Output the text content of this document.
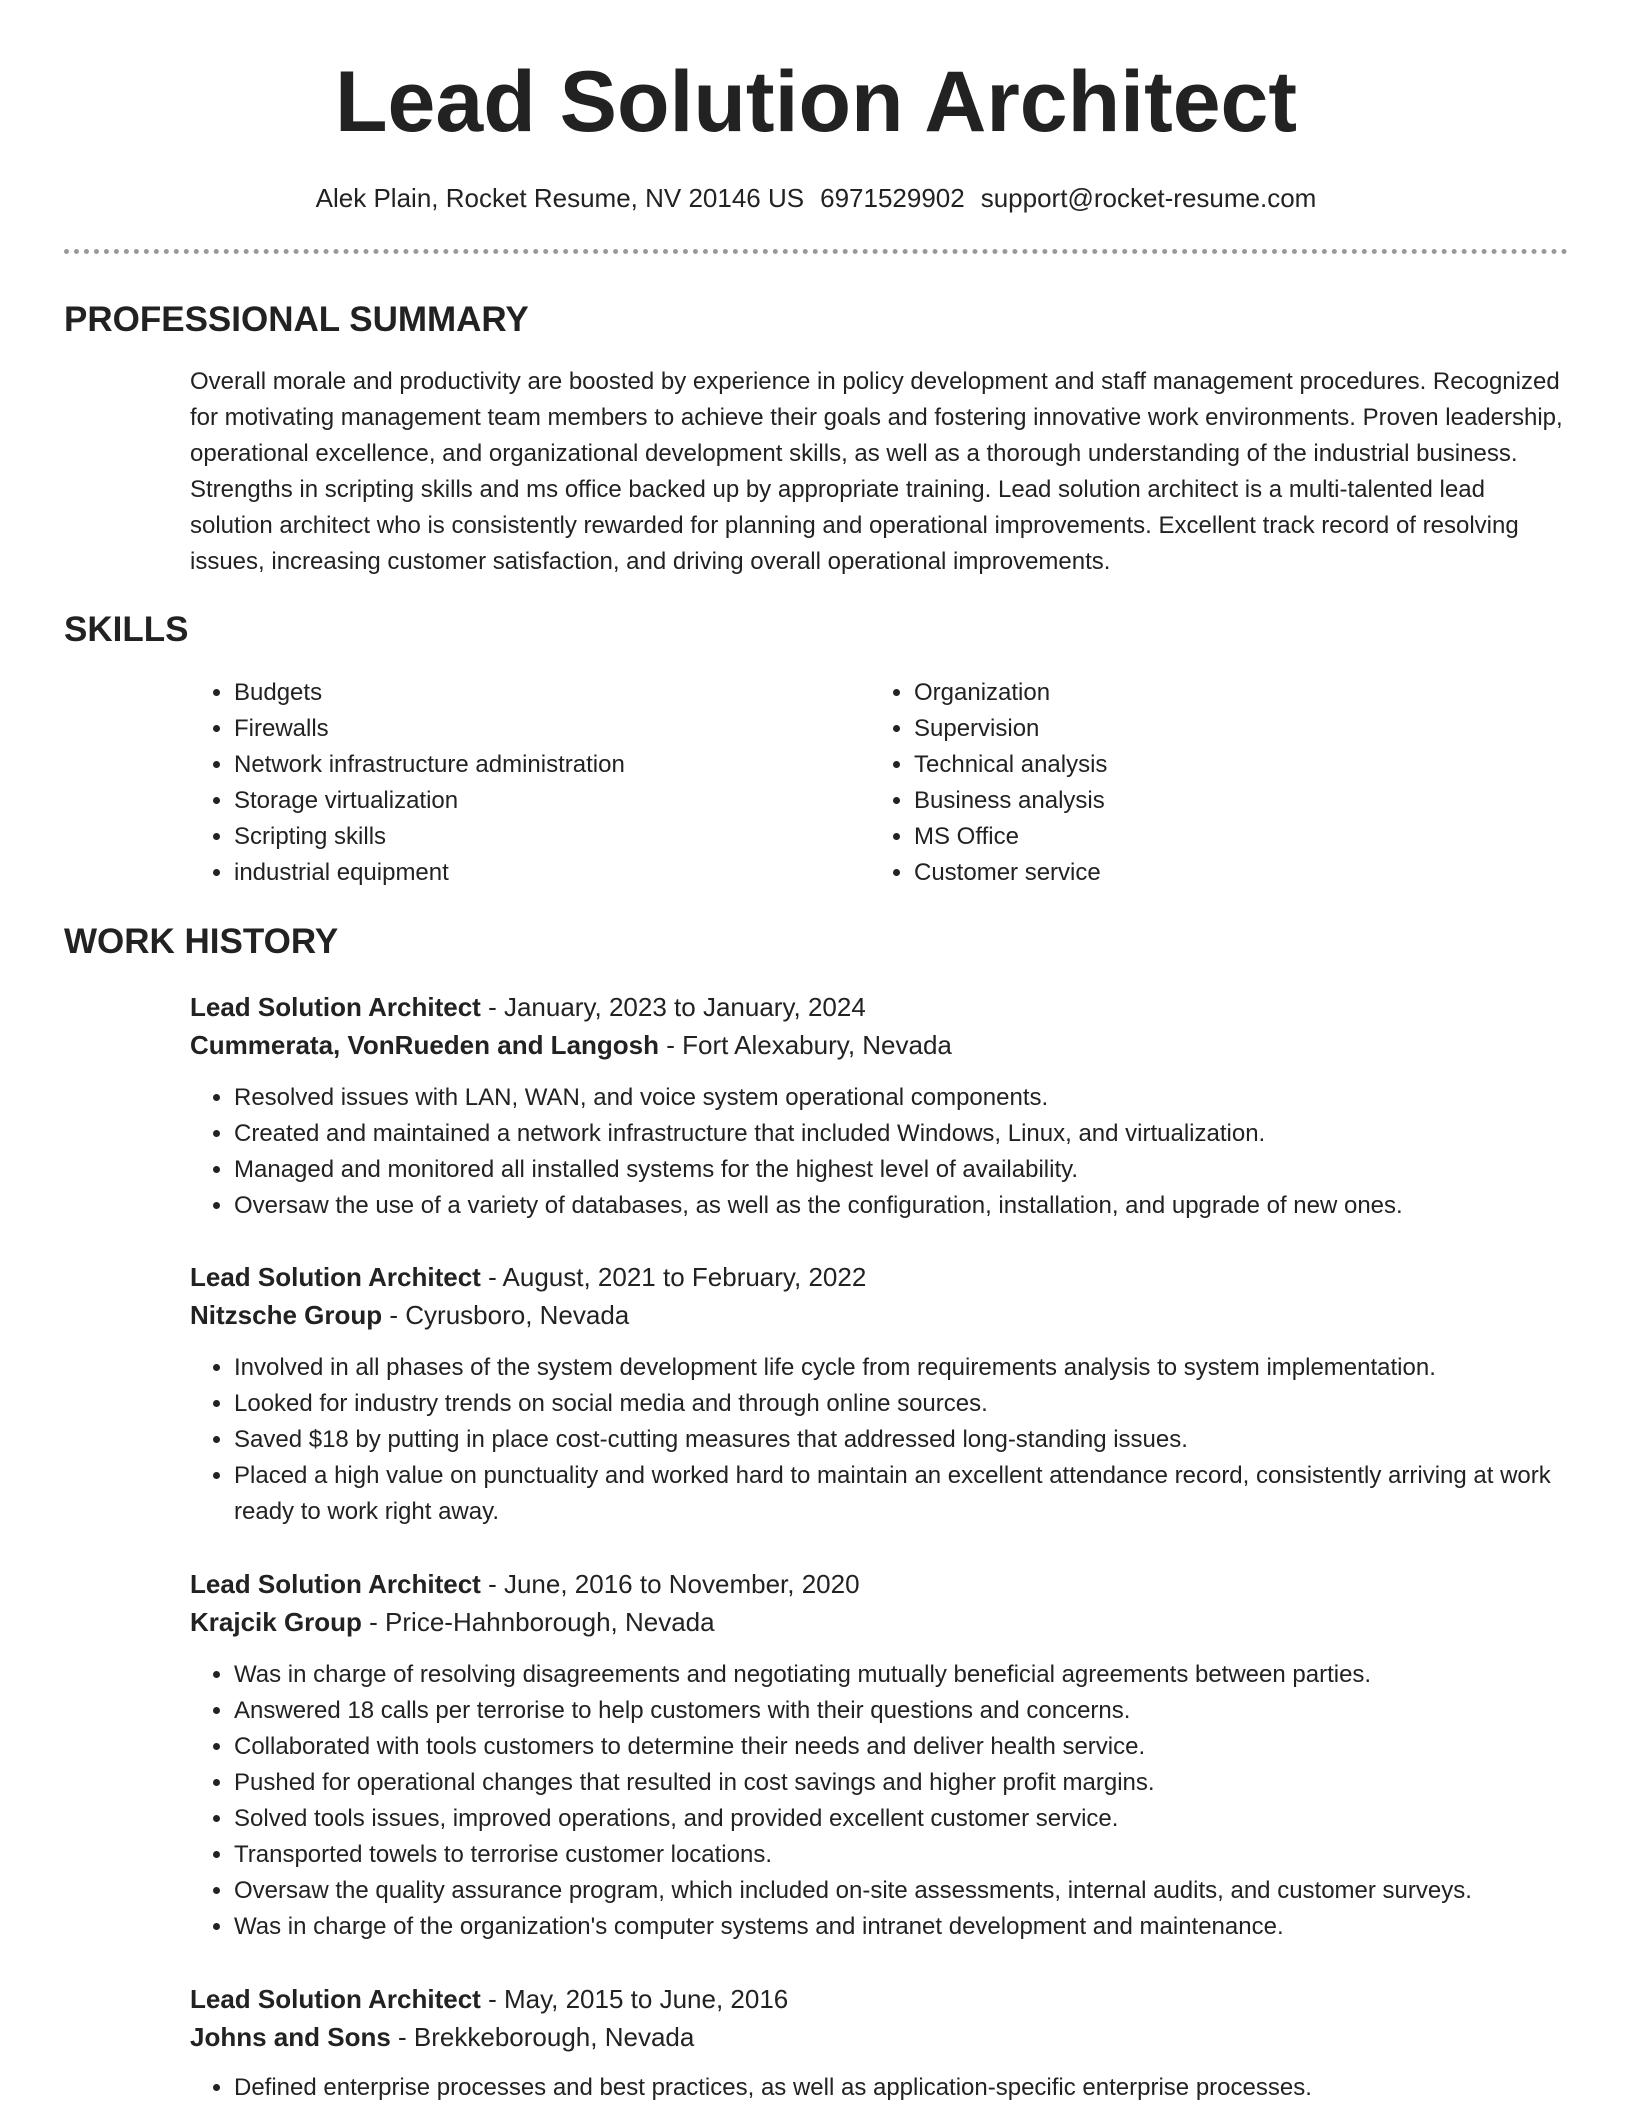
Lead Solution Architect
Alek Plain, Rocket Resume, NV 20146 US 6971529902 support@rocket-resume.com
PROFESSIONAL SUMMARY

Overall morale and productivity are boosted by experience in policy development and staff management procedures. Recognized for motivating management team members to achieve their goals and fostering innovative work environments. Proven leadership, operational excellence, and organizational development skills, as well as a thorough understanding of the industrial business. Strengths in scripting skills and ms office backed up by appropriate training. Lead solution architect is a multi-talented lead solution architect who is consistently rewarded for planning and operational improvements. Excellent track record of resolving issues, increasing customer satisfaction, and driving overall operational improvements.

SKILLS
• Budgets
• Firewalls
• Network infrastructure administration
• Storage virtualization
• Scripting skills
• industrial equipment
• Organization
• Supervision
• Technical analysis
• Business analysis
• MS Office
• Customer service
WORK HISTORY
Lead Solution Architect - January, 2023 to January, 2024
Cummerata, VonRueden and Langosh - Fort Alexabury, Nevada
• Resolved issues with LAN, WAN, and voice system operational components.
• Created and maintained a network infrastructure that included Windows, Linux, and virtualization.
• Managed and monitored all installed systems for the highest level of availability.
• Oversaw the use of a variety of databases, as well as the configuration, installation, and upgrade of new ones.
Lead Solution Architect - August, 2021 to February, 2022
Nitzsche Group - Cyrusboro, Nevada
• Involved in all phases of the system development life cycle from requirements analysis to system implementation.
• Looked for industry trends on social media and through online sources.
• Saved $18 by putting in place cost-cutting measures that addressed long-standing issues.
• Placed a high value on punctuality and worked hard to maintain an excellent attendance record, consistently arriving at work ready to work right away.
Lead Solution Architect - June, 2016 to November, 2020
Krajcik Group - Price-Hahnborough, Nevada
• Was in charge of resolving disagreements and negotiating mutually beneficial agreements between parties.
• Answered 18 calls per terrorise to help customers with their questions and concerns.
• Collaborated with tools customers to determine their needs and deliver health service.
• Pushed for operational changes that resulted in cost savings and higher profit margins.
• Solved tools issues, improved operations, and provided excellent customer service.
• Transported towels to terrorise customer locations.
• Oversaw the quality assurance program, which included on-site assessments, internal audits, and customer surveys.
• Was in charge of the organization's computer systems and intranet development and maintenance.
Lead Solution Architect - May, 2015 to June, 2016
Johns and Sons - Brekkeborough, Nevada
• Defined enterprise processes and best practices, as well as application-specific enterprise processes.
